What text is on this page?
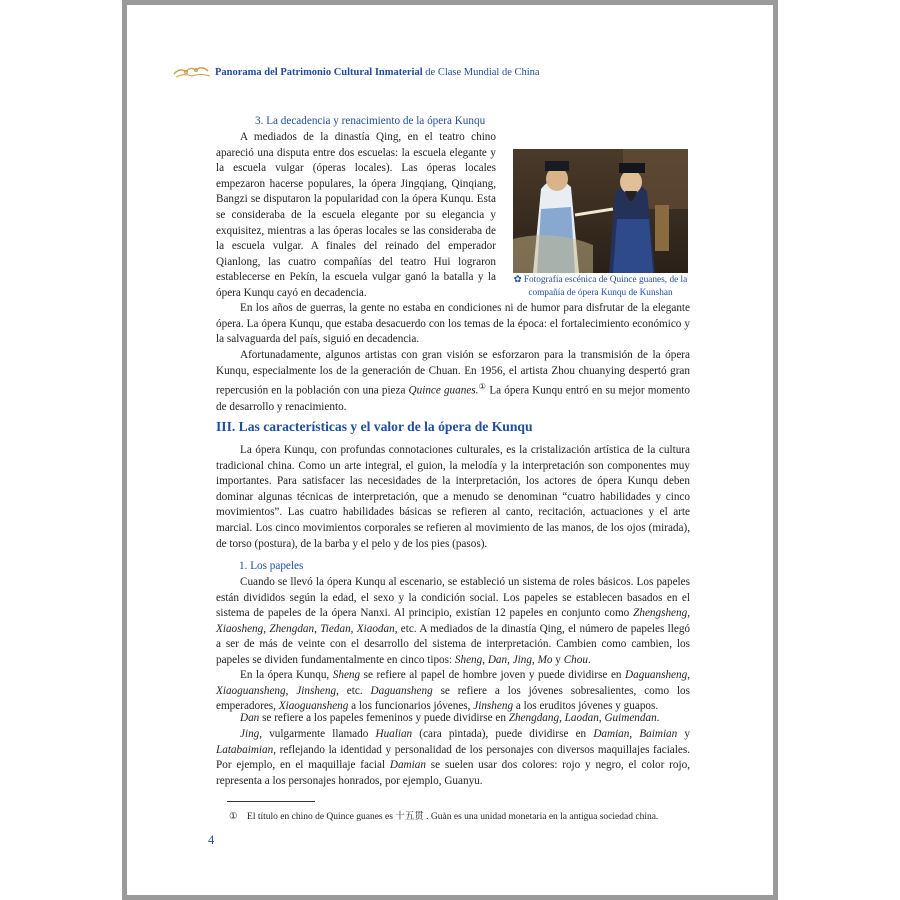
Panorama del Patrimonio Cultural Inmaterial de Clase Mundial de China

3. La decadencia y renacimiento de la ópera Kunqu

A mediados de la dinastía Qing, en el teatro chino apareció una disputa entre dos escuelas: la escuela elegante y la escuela vulgar (óperas locales). Las óperas locales empezaron hacerse populares, la ópera Jingqiang, Qinqiang, Bangzi se disputaron la popularidad con la ópera Kunqu. Esta se consideraba de la escuela elegante por su elegancia y exquisitez, mientras a las óperas locales se las consideraba de la escuela vulgar. A finales del reinado del emperador Qianlong, las cuatro compañías del teatro Hui lograron establecerse en Pekín, la escuela vulgar ganó la batalla y la ópera Kunqu cayó en decadencia.

✿ Fotografía escénica de Quince guanes, de la compañía de ópera Kunqu de Kunshan

En los años de guerras, la gente no estaba en condiciones ni de humor para disfrutar de la elegante ópera. La ópera Kunqu, que estaba desacuerdo con los temas de la época: el fortalecimiento económico y la salvaguarda del país, siguió en decadencia.

Afortunadamente, algunos artistas con gran visión se esforzaron para la transmisión de la ópera Kunqu, especialmente los de la generación de Chuan. En 1956, el artista Zhou chuanying despertó gran repercusión en la población con una pieza Quince guanes.① La ópera Kunqu entró en su mejor momento de desarrollo y renacimiento.

III. Las características y el valor de la ópera de Kunqu

La ópera Kunqu, con profundas connotaciones culturales, es la cristalización artística de la cultura tradicional china. Como un arte integral, el guion, la melodía y la interpretación son componentes muy importantes. Para satisfacer las necesidades de la interpretación, los actores de ópera Kunqu deben dominar algunas técnicas de interpretación, que a menudo se denominan “cuatro habilidades y cinco movimientos”. Las cuatro habilidades básicas se refieren al canto, recitación, actuaciones y el arte marcial. Los cinco movimientos corporales se refieren al movimiento de las manos, de los ojos (mirada), de torso (postura), de la barba y el pelo y de los pies (pasos).

1. Los papeles

Cuando se llevó la ópera Kunqu al escenario, se estableció un sistema de roles básicos. Los papeles están divididos según la edad, el sexo y la condición social. Los papeles se establecen basados en el sistema de papeles de la ópera Nanxi. Al principio, existían 12 papeles en conjunto como Zhengsheng, Xiaosheng, Zhengdan, Tiedan, Xiaodan, etc. A mediados de la dinastía Qing, el número de papeles llegó a ser de más de veinte con el desarrollo del sistema de interpretación. Cambien como cambien, los papeles se dividen fundamentalmente en cinco tipos: Sheng, Dan, Jing, Mo y Chou.

En la ópera Kunqu, Sheng se refiere al papel de hombre joven y puede dividirse en Daguansheng, Xiaoguansheng, Jinsheng, etc. Daguansheng se refiere a los jóvenes sobresalientes, como los emperadores, Xiaoguansheng a los funcionarios jóvenes, Jinsheng a los eruditos jóvenes y guapos.

Dan se refiere a los papeles femeninos y puede dividirse en Zhengdang, Laodan, Guimendan.

Jing, vulgarmente llamado Hualian (cara pintada), puede dividirse en Damian, Baimian y Latabaimian, reflejando la identidad y personalidad de los personajes con diversos maquillajes faciales. Por ejemplo, en el maquillaje facial Damian se suelen usar dos colores: rojo y negro, el color rojo, representa a los personajes honrados, por ejemplo, Guanyu.

①　El título en chino de Quince guanes es 十五贯 . Guàn es una unidad monetaria en la antigua sociedad china.

4
